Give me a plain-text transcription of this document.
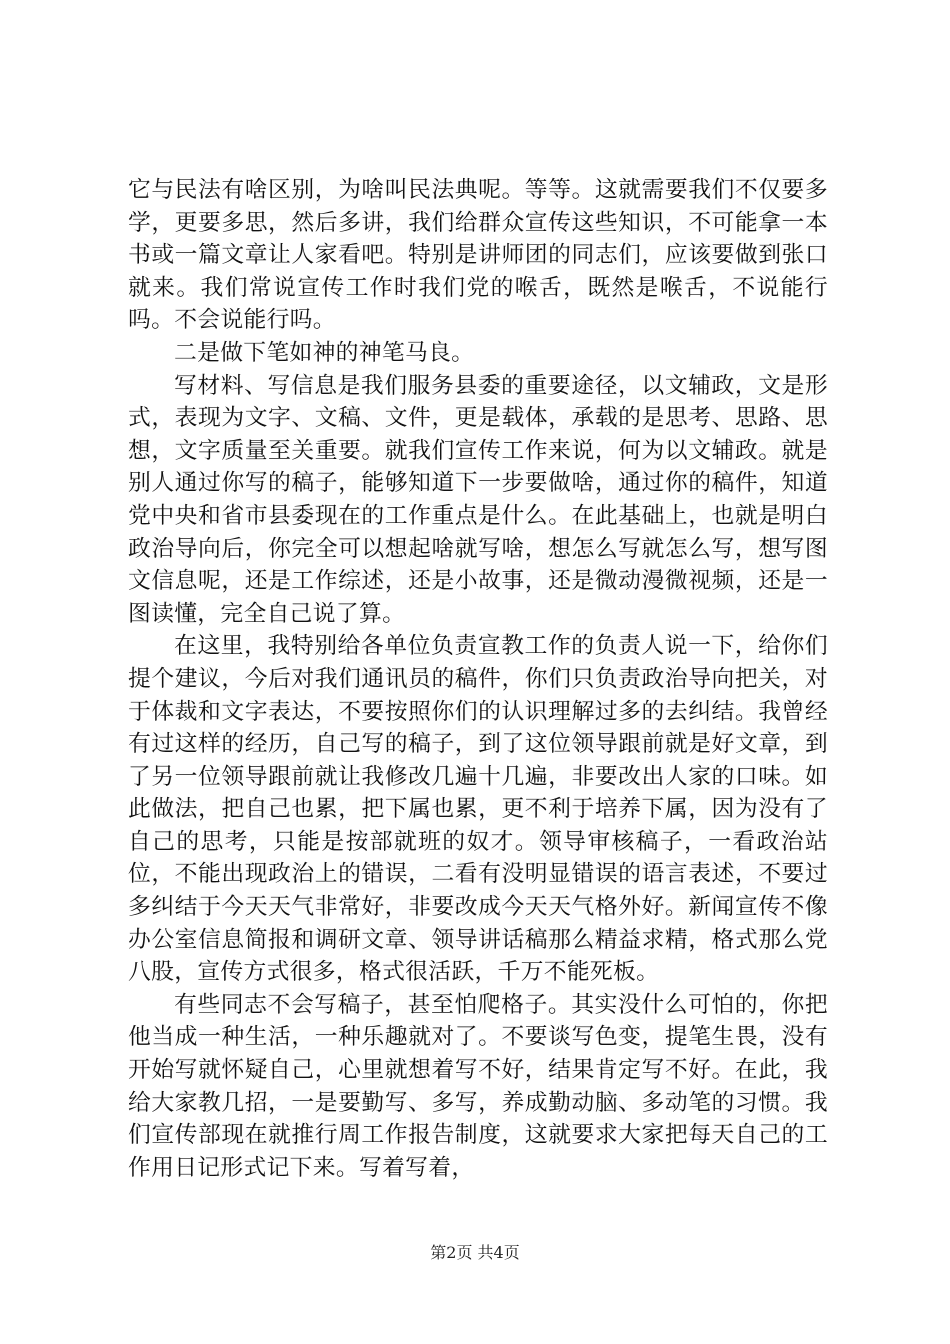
它与民法有啥区别，为啥叫民法典呢。等等。这就需要我们不仅要多学，更要多思，然后多讲，我们给群众宣传这些知识，不可能拿一本书或一篇文章让人家看吧。特别是讲师团的同志们，应该要做到张口就来。我们常说宣传工作时我们党的喉舌，既然是喉舌，不说能行吗。不会说能行吗。

二是做下笔如神的神笔马良。

写材料、写信息是我们服务县委的重要途径，以文辅政，文是形式，表现为文字、文稿、文件，更是载体，承载的是思考、思路、思想，文字质量至关重要。就我们宣传工作来说，何为以文辅政。就是别人通过你写的稿子，能够知道下一步要做啥，通过你的稿件，知道党中央和省市县委现在的工作重点是什么。在此基础上，也就是明白政治导向后，你完全可以想起啥就写啥，想怎么写就怎么写，想写图文信息呢，还是工作综述，还是小故事，还是微动漫微视频，还是一图读懂，完全自己说了算。

在这里，我特别给各单位负责宣教工作的负责人说一下，给你们提个建议，今后对我们通讯员的稿件，你们只负责政治导向把关，对于体裁和文字表达，不要按照你们的认识理解过多的去纠结。我曾经有过这样的经历，自己写的稿子，到了这位领导跟前就是好文章，到了另一位领导跟前就让我修改几遍十几遍，非要改出人家的口味。如此做法，把自己也累，把下属也累，更不利于培养下属，因为没有了自己的思考，只能是按部就班的奴才。领导审核稿子，一看政治站位，不能出现政治上的错误，二看有没明显错误的语言表述，不要过多纠结于今天天气非常好，非要改成今天天气格外好。新闻宣传不像办公室信息简报和调研文章、领导讲话稿那么精益求精，格式那么党八股，宣传方式很多，格式很活跃，千万不能死板。

有些同志不会写稿子，甚至怕爬格子。其实没什么可怕的，你把他当成一种生活，一种乐趣就对了。不要谈写色变，提笔生畏，没有开始写就怀疑自己，心里就想着写不好，结果肯定写不好。在此，我给大家教几招，一是要勤写、多写，养成勤动脑、多动笔的习惯。我们宣传部现在就推行周工作报告制度，这就要求大家把每天自己的工作用日记形式记下来。写着写着，

第2页 共4页
